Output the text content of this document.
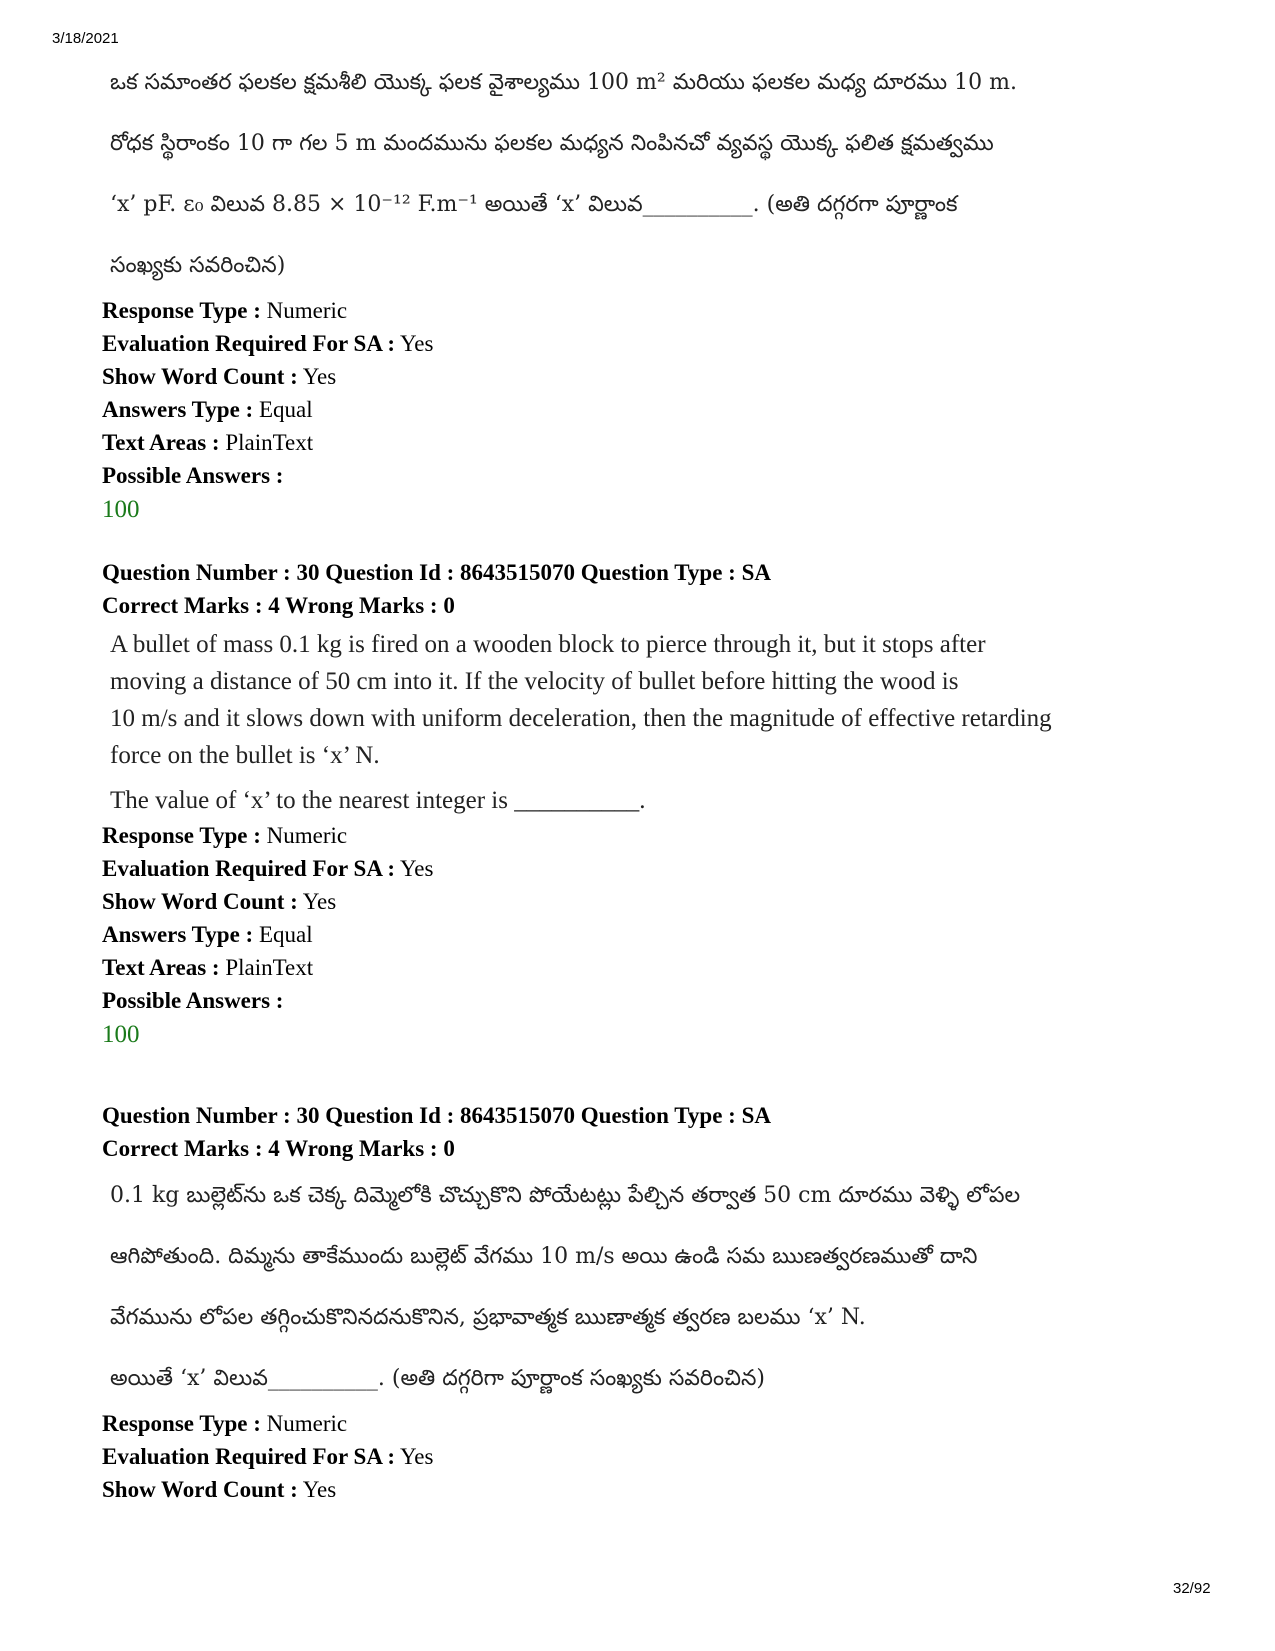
3/18/2021

ఒక సమాంతర ఫలకల క్షమశీలి యొక్క ఫలక వైశాల్యము 100 m² మరియు ఫలకల మధ్య దూరము 10 m.

రోధక స్థిరాంకం 10 గా గల 5 m మందమును ఫలకల మధ్యన నింపినచో వ్యవస్థ యొక్క ఫలిత క్షమత్వము

‘x’ pF. ε₀ విలువ 8.85 × 10⁻¹² F.m⁻¹ అయితే ‘x’ విలువ__________. (అతి దగ్గరగా పూర్ణాంక

సంఖ్యకు సవరించిన)

Response Type : Numeric
Evaluation Required For SA : Yes
Show Word Count : Yes
Answers Type : Equal
Text Areas : PlainText
Possible Answers :
100
Question Number : 30 Question Id : 8643515070 Question Type : SA
Correct Marks : 4 Wrong Marks : 0

A bullet of mass 0.1 kg is fired on a wooden block to pierce through it, but it stops after

moving a distance of 50 cm into it. If the velocity of bullet before hitting the wood is

10 m/s and it slows down with uniform deceleration, then the magnitude of effective retarding

force on the bullet is ‘x’ N.

The value of ‘x’ to the nearest integer is __________.

Response Type : Numeric
Evaluation Required For SA : Yes
Show Word Count : Yes
Answers Type : Equal
Text Areas : PlainText
Possible Answers :
100
Question Number : 30 Question Id : 8643515070 Question Type : SA
Correct Marks : 4 Wrong Marks : 0

0.1 kg బుల్లెట్‌ను ఒక చెక్క దిమ్మెలోకి చొచ్చుకొని పోయేటట్లు పేల్చిన తర్వాత 50 cm దూరము వెళ్ళి లోపల

ఆగిపోతుంది. దిమ్మను తాకేముందు బుల్లెట్ వేగము 10 m/s అయి ఉండి సమ ఋణత్వరణముతో దాని

వేగమును లోపల తగ్గించుకొనినదనుకొనిన, ప్రభావాత్మక ఋణాత్మక త్వరణ బలము ‘x’ N.

అయితే ‘x’ విలువ__________. (అతి దగ్గరిగా పూర్ణాంక సంఖ్యకు సవరించిన)

Response Type : Numeric
Evaluation Required For SA : Yes
Show Word Count : Yes
32/92
